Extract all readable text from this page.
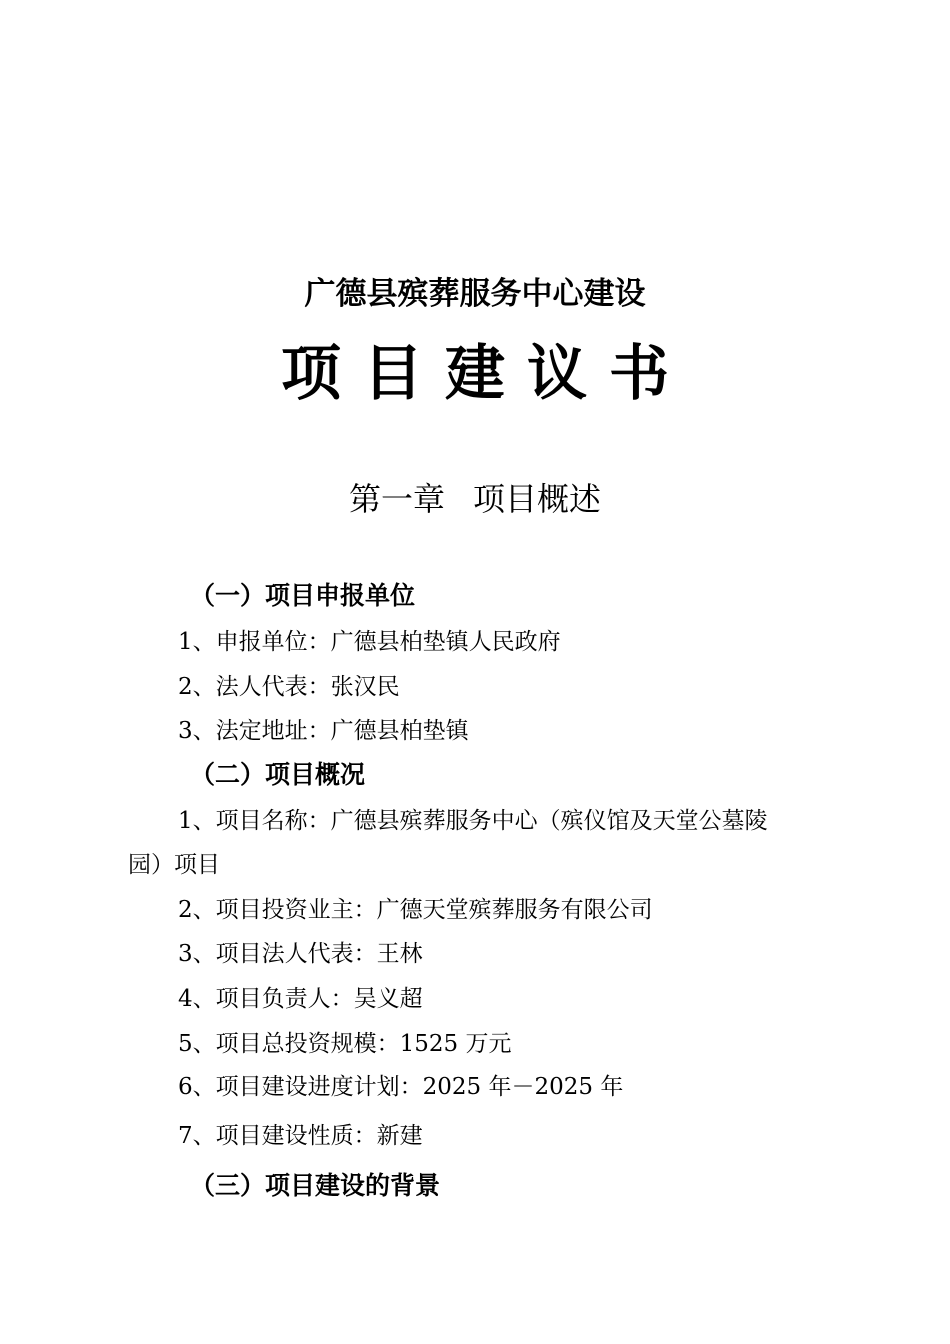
广德县殡葬服务中心建设
项目建议书
第一章 项目概述
（一）项目申报单位
1、申报单位：广德县柏垫镇人民政府
2、法人代表：张汉民
3、法定地址：广德县柏垫镇
（二）项目概况
1、项目名称：广德县殡葬服务中心（殡仪馆及天堂公墓陵
园）项目
2、项目投资业主：广德天堂殡葬服务有限公司
3、项目法人代表：王林
4、项目负责人：吴义超
5、项目总投资规模：1525 万元
6、项目建设进度计划：2025 年－2025 年
7、项目建设性质：新建
（三）项目建设的背景
